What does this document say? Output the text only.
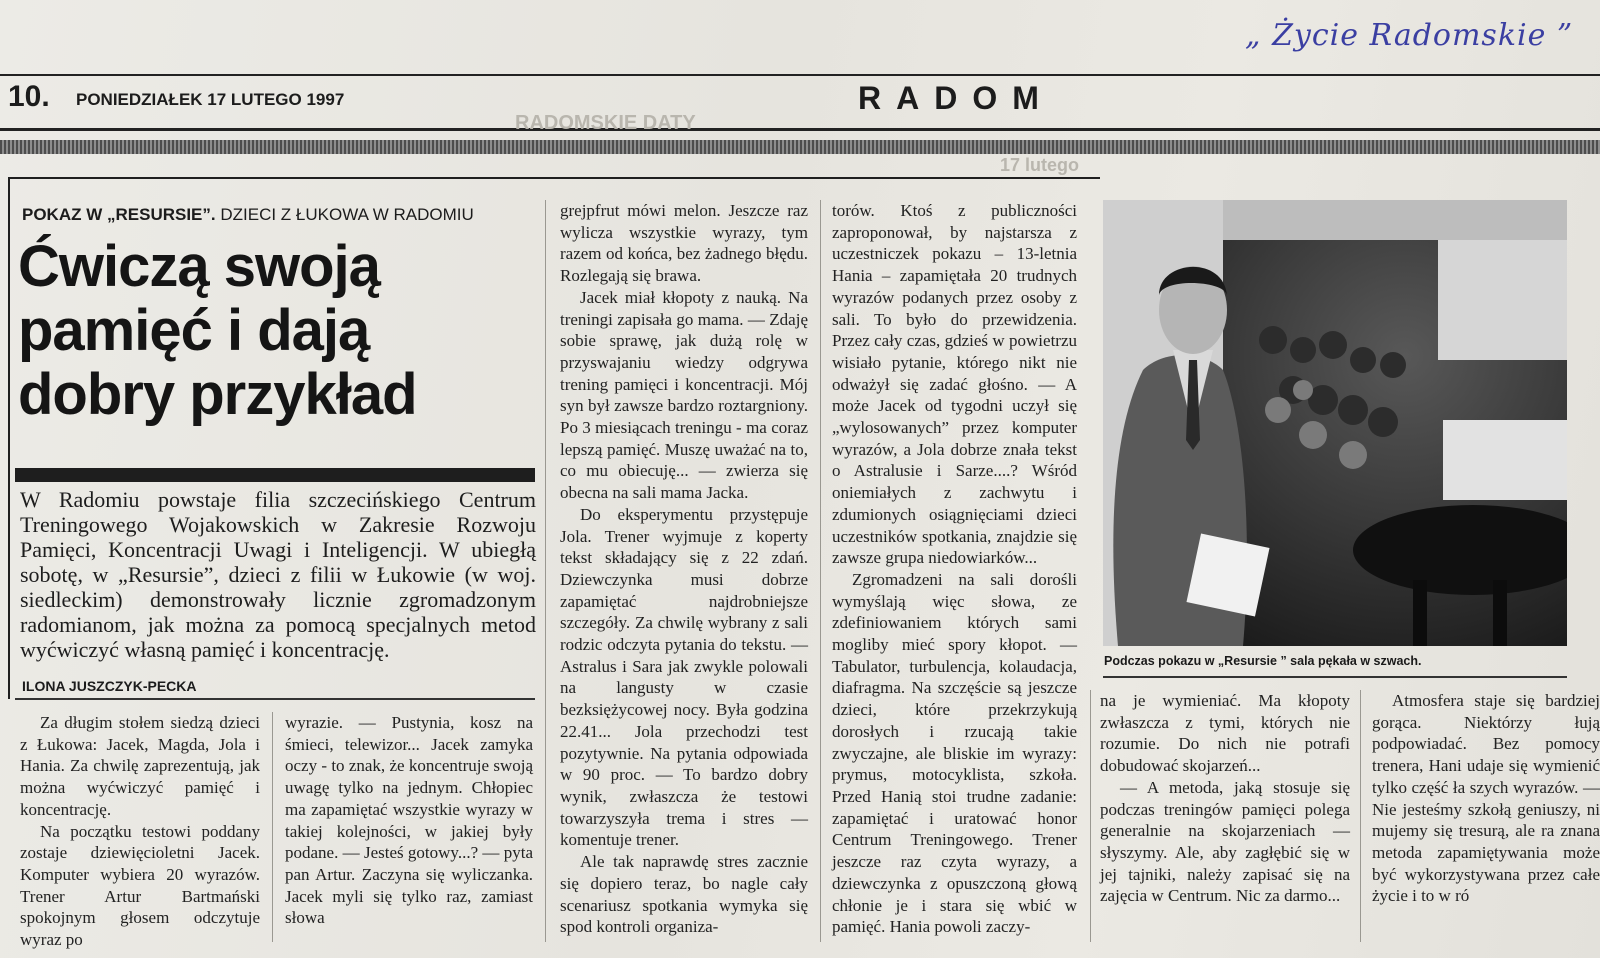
„ Życie Radomskie ”
10. PONIEDZIAŁEK 17 LUTEGO 1997	RADOM
RADOMSKIE DATY
17 lutego
POKAZ W „RESURSIE”. DZIECI Z ŁUKOWA W RADOMIU
Ćwiczą swoją
pamięć i dają
dobry przykład
W Radomiu powstaje filia szczecińskiego Centrum Treningowego Wojakowskich w Zakresie Rozwoju Pamięci, Koncentracji Uwagi i Inteligencji. W ubiegłą sobotę, w „Resursie”, dzieci z filii w Łukowie (w woj. siedleckim) demonstrowały licznie zgromadzonym radomianom, jak można za pomocą specjalnych metod wyćwiczyć własną pamięć i koncentrację.
ILONA JUSZCZYK-PECKA

Za długim stołem siedzą dzieci z Łukowa: Jacek, Magda, Jola i Hania. Za chwilę zaprezentują, jak można wyćwiczyć pamięć i koncentrację.

Na początku testowi poddany zostaje dziewięcioletni Jacek. Komputer wybiera 20 wyrazów. Trener Artur Bartmański spokojnym głosem odczytuje wyraz po

wyrazie. — Pustynia, kosz na śmieci, telewizor... Jacek zamyka oczy - to znak, że koncentruje swoją uwagę tylko na jednym. Chłopiec ma zapamiętać wszystkie wyrazy w takiej kolejności, w jakiej były podane. — Jesteś gotowy...? — pyta pan Artur. Zaczyna się wyliczanka. Jacek myli się tylko raz, zamiast słowa

grejpfrut mówi melon. Jeszcze raz wylicza wszystkie wyrazy, tym razem od końca, bez żadnego błędu. Rozlegają się brawa.

Jacek miał kłopoty z nauką. Na treningi zapisała go mama. — Zdaję sobie sprawę, jak dużą rolę w przyswajaniu wiedzy odgrywa trening pamięci i koncentracji. Mój syn był zawsze bardzo roztargniony. Po 3 miesiącach treningu - ma coraz lepszą pamięć. Muszę uważać na to, co mu obiecuję... — zwierza się obecna na sali mama Jacka.

Do eksperymentu przystępuje Jola. Trener wyjmuje z koperty tekst składający się z 22 zdań. Dziewczynka musi dobrze zapamiętać najdrobniejsze szczegóły. Za chwilę wybrany z sali rodzic odczyta pytania do tekstu. — Astralus i Sara jak zwykle polowali na langusty w czasie bezksiężycowej nocy. Była godzina 22.41... Jola przechodzi test pozytywnie. Na pytania odpowiada w 90 proc. — To bardzo dobry wynik, zwłaszcza że testowi towarzyszyła trema i stres — komentuje trener.

Ale tak naprawdę stres zacznie się dopiero teraz, bo nagle cały scenariusz spotkania wymyka się spod kontroli organiza-

torów. Ktoś z publiczności zaproponował, by najstarsza z uczestniczek pokazu – 13-letnia Hania – zapamiętała 20 trudnych wyrazów podanych przez osoby z sali. To było do przewidzenia. Przez cały czas, gdzieś w powietrzu wisiało pytanie, którego nikt nie odważył się zadać głośno. — A może Jacek od tygodni uczył się „wylosowanych” przez komputer wyrazów, a Jola dobrze znała tekst o Astralusie i Sarze....? Wśród oniemiałych z zachwytu i zdumionych osiągnięciami dzieci uczestników spotkania, znajdzie się zawsze grupa niedowiarków...

Zgromadzeni na sali dorośli wymyślają więc słowa, ze zdefiniowaniem których sami mogliby mieć spory kłopot. — Tabulator, turbulencja, kolaudacja, diafragma. Na szczęście są jeszcze dzieci, które przekrzykują dorosłych i rzucają takie zwyczajne, ale bliskie im wyrazy: prymus, motocyklista, szkoła. Przed Hanią stoi trudne zadanie: zapamiętać i uratować honor Centrum Treningowego. Trener jeszcze raz czyta wyrazy, a dziewczynka z opuszczoną głową chłonie je i stara się wbić w pamięć. Hania powoli zaczy-

Podczas pokazu w „Resursie ” sala pękała w szwach.

na je wymieniać. Ma kłopoty zwłaszcza z tymi, których nie rozumie. Do nich nie potrafi dobudować skojarzeń...

— A metoda, jaką stosuje się podczas treningów pamięci polega generalnie na skojarzeniach — słyszymy. Ale, aby zagłębić się w jej tajniki, należy zapisać się na zajęcia w Centrum. Nic za darmo...

Atmosfera staje się bardziej gorąca. Niektórzy łują podpowiadać. Bez pomocy trenera, Hani udaje się wymienić tylko część ła szych wyrazów. — Nie jesteśmy szkołą geniuszy, ni mujemy się tresurą, ale ra znana metoda zapamiętywania może być wykorzystywana przez całe życie i to w ró
